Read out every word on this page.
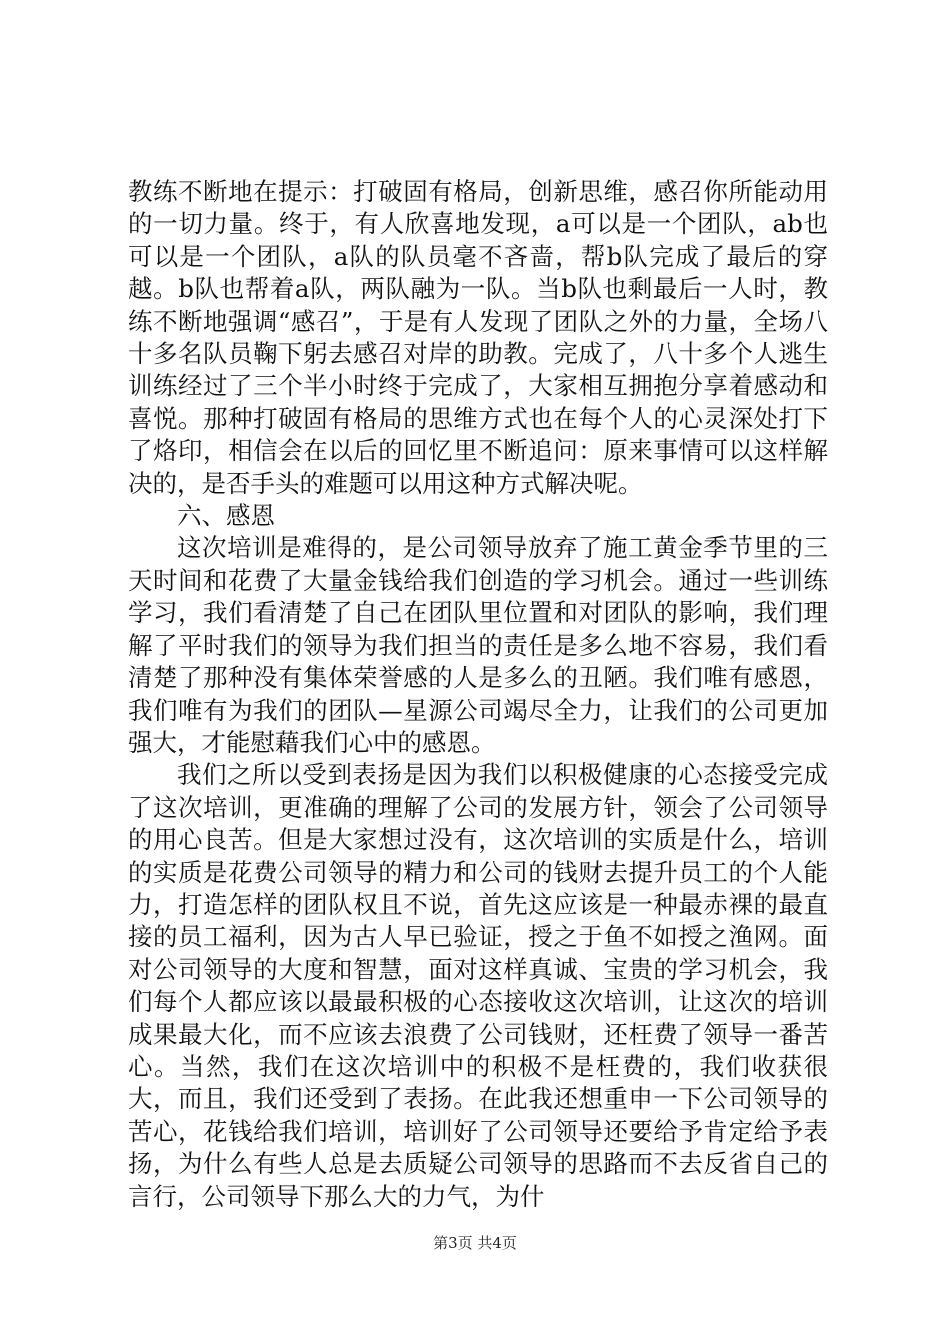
教练不断地在提示：打破固有格局，创新思维，感召你所能动用的一切力量。终于，有人欣喜地发现，a可以是一个团队，ab也可以是一个团队，a队的队员毫不吝啬，帮b队完成了最后的穿越。b队也帮着a队，两队融为一队。当b队也剩最后一人时，教练不断地强调“感召”，于是有人发现了团队之外的力量，全场八十多名队员鞠下躬去感召对岸的助教。完成了，八十多个人逃生训练经过了三个半小时终于完成了，大家相互拥抱分享着感动和喜悦。那种打破固有格局的思维方式也在每个人的心灵深处打下了烙印，相信会在以后的回忆里不断追问：原来事情可以这样解决的，是否手头的难题可以用这种方式解决呢。

六、感恩

这次培训是难得的，是公司领导放弃了施工黄金季节里的三天时间和花费了大量金钱给我们创造的学习机会。通过一些训练学习，我们看清楚了自己在团队里位置和对团队的影响，我们理解了平时我们的领导为我们担当的责任是多么地不容易，我们看清楚了那种没有集体荣誉感的人是多么的丑陋。我们唯有感恩，我们唯有为我们的团队—星源公司竭尽全力，让我们的公司更加强大，才能慰藉我们心中的感恩。

我们之所以受到表扬是因为我们以积极健康的心态接受完成了这次培训，更准确的理解了公司的发展方针，领会了公司领导的用心良苦。但是大家想过没有，这次培训的实质是什么，培训的实质是花费公司领导的精力和公司的钱财去提升员工的个人能力，打造怎样的团队权且不说，首先这应该是一种最赤裸的最直接的员工福利，因为古人早已验证，授之于鱼不如授之渔网。面对公司领导的大度和智慧，面对这样真诚、宝贵的学习机会，我们每个人都应该以最最积极的心态接收这次培训，让这次的培训成果最大化，而不应该去浪费了公司钱财，还枉费了领导一番苦心。当然，我们在这次培训中的积极不是枉费的，我们收获很大，而且，我们还受到了表扬。在此我还想重申一下公司领导的苦心，花钱给我们培训，培训好了公司领导还要给予肯定给予表扬，为什么有些人总是去质疑公司领导的思路而不去反省自己的言行，公司领导下那么大的力气，为什

第3页 共4页
